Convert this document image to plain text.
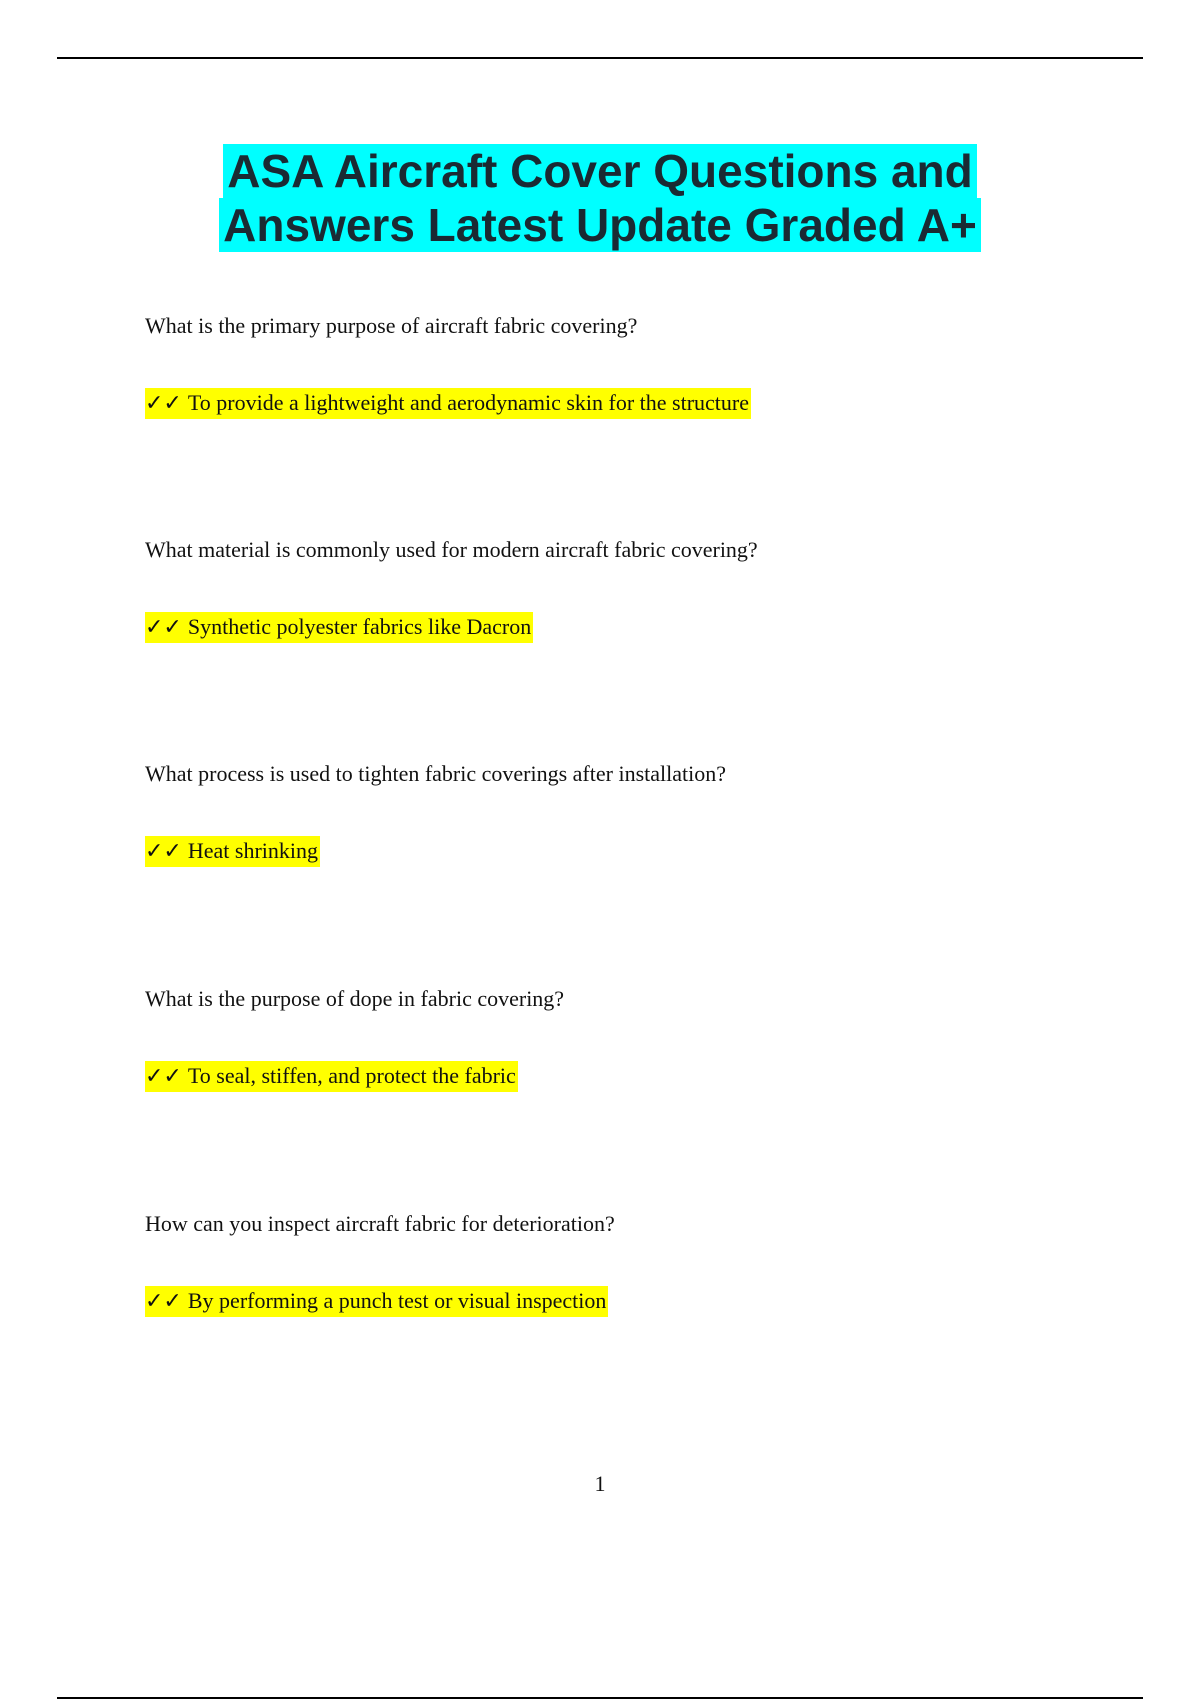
ASA Aircraft Cover Questions and
Answers Latest Update Graded A+

What is the primary purpose of aircraft fabric covering?

✓✓ To provide a lightweight and aerodynamic skin for the structure

What material is commonly used for modern aircraft fabric covering?

✓✓ Synthetic polyester fabrics like Dacron

What process is used to tighten fabric coverings after installation?

✓✓ Heat shrinking

What is the purpose of dope in fabric covering?

✓✓ To seal, stiffen, and protect the fabric

How can you inspect aircraft fabric for deterioration?

✓✓ By performing a punch test or visual inspection
1
